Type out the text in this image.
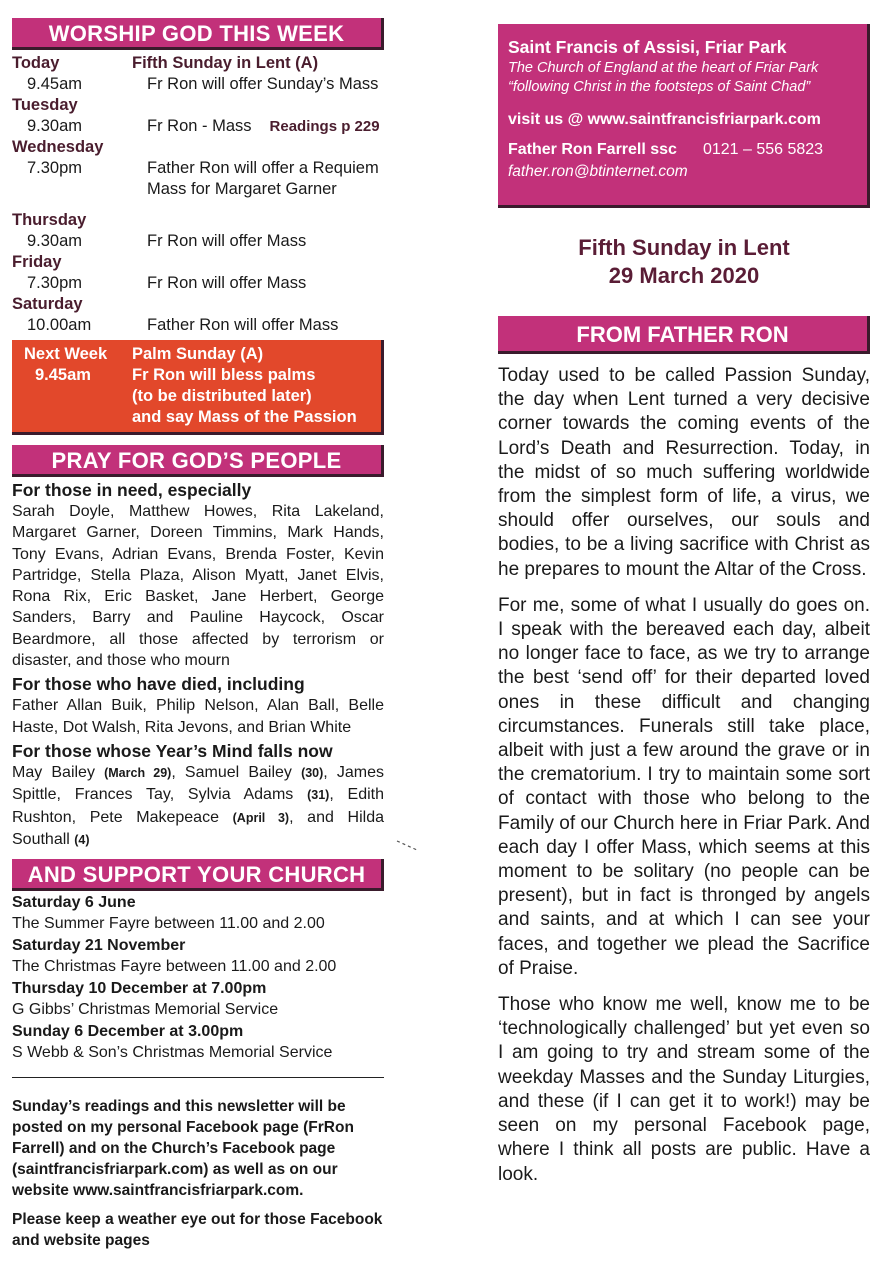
WORSHIP GOD THIS WEEK
Today	Fifth Sunday in Lent (A)
9.45am	Fr Ron will offer Sunday’s Mass
Tuesday
9.30am	Fr Ron - Mass Readings p 229
Wednesday
7.30pm	Father Ron will offer a Requiem
Mass for Margaret Garner
Thursday
9.30am	Fr Ron will offer Mass
Friday
7.30pm	Fr Ron will offer Mass
Saturday
10.00am	Father Ron will offer Mass
Next Week	Palm Sunday (A)
9.45am	Fr Ron will bless palms
(to be distributed later)
and say Mass of the Passion
PRAY FOR GOD’S PEOPLE
For those in need, especially
Sarah Doyle, Matthew Howes, Rita Lakeland, Margaret Garner, Doreen Timmins, Mark Hands, Tony Evans, Adrian Evans, Brenda Foster, Kevin Partridge, Stella Plaza, Alison Myatt, Janet Elvis, Rona Rix, Eric Basket, Jane Herbert, George Sanders, Barry and Pauline Haycock, Oscar Beardmore, all those affected by terrorism or disaster, and those who mourn
For those who have died, including
Father Allan Buik, Philip Nelson, Alan Ball, Belle Haste, Dot Walsh, Rita Jevons, and Brian White
For those whose Year’s Mind falls now
May Bailey (March 29), Samuel Bailey (30), James Spittle, Frances Tay, Sylvia Adams (31), Edith Rushton, Pete Makepeace (April 3), and Hilda Southall (4)
AND SUPPORT YOUR CHURCH
Saturday 6 June
The Summer Fayre between 11.00 and 2.00
Saturday 21 November
The Christmas Fayre between 11.00 and 2.00
Thursday 10 December at 7.00pm
G Gibbs’ Christmas Memorial Service
Sunday 6 December at 3.00pm
S Webb & Son’s Christmas Memorial Service
Sunday’s readings and this newsletter will be posted on my personal Facebook page (FrRon Farrell) and on the Church’s Facebook page (saintfrancisfriarpark.com) as well as on our website www.saintfrancisfriarpark.com.
Please keep a weather eye out for those Facebook and website pages
Saint Francis of Assisi, Friar Park
The Church of England at the heart of Friar Park
“following Christ in the footsteps of Saint Chad”
visit us @ www.saintfrancisfriarpark.com
Father Ron Farrell ssc 0121 – 556 5823
father.ron@btinternet.com
Fifth Sunday in Lent
29 March 2020
FROM FATHER RON

Today used to be called Passion Sunday, the day when Lent turned a very decisive corner towards the coming events of the Lord’s Death and Resurrection. Today, in the midst of so much suffering worldwide from the simplest form of life, a virus, we should offer ourselves, our souls and bodies, to be a living sacrifice with Christ as he prepares to mount the Altar of the Cross.

For me, some of what I usually do goes on. I speak with the bereaved each day, albeit no longer face to face, as we try to arrange the best ‘send off’ for their departed loved ones in these difficult and changing circumstances. Funerals still take place, albeit with just a few around the grave or in the crematorium. I try to maintain some sort of contact with those who belong to the Family of our Church here in Friar Park. And each day I offer Mass, which seems at this moment to be solitary (no people can be present), but in fact is thronged by angels and saints, and at which I can see your faces, and together we plead the Sacrifice of Praise.

Those who know me well, know me to be ‘technologically challenged’ but yet even so I am going to try and stream some of the weekday Masses and the Sunday Liturgies, and these (if I can get it to work!) may be seen on my personal Facebook page, where I think all posts are public. Have a look.
